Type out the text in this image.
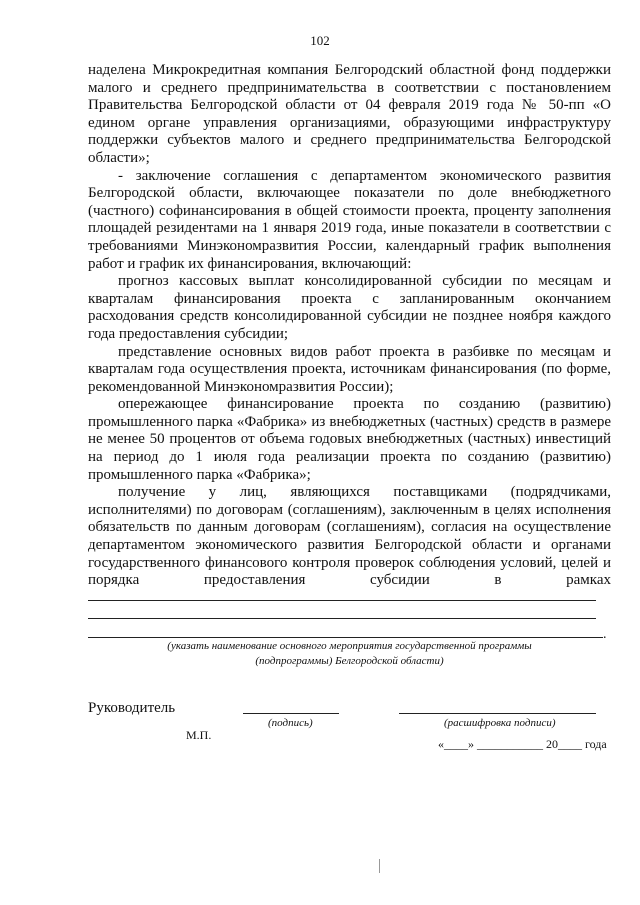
102

наделена Микрокредитная компания Белгородский областной фонд поддержки малого и среднего предпринимательства в соответствии с постановлением Правительства Белгородской области от 04 февраля 2019 года № 50-пп «О едином органе управления организациями, образующими инфраструктуру поддержки субъектов малого и среднего предпринимательства Белгородской области»;

- заключение соглашения с департаментом экономического развития Белгородской области, включающее показатели по доле внебюджетного (частного) софинансирования в общей стоимости проекта, проценту заполнения площадей резидентами на 1 января 2019 года, иные показатели в соответствии с требованиями Минэкономразвития России, календарный график выполнения работ и график их финансирования, включающий:

прогноз кассовых выплат консолидированной субсидии по месяцам и кварталам финансирования проекта с запланированным окончанием расходования средств консолидированной субсидии не позднее ноября каждого года предоставления субсидии;

представление основных видов работ проекта в разбивке по месяцам и кварталам года осуществления проекта, источникам финансирования (по форме, рекомендованной Минэкономразвития России);

опережающее финансирование проекта по созданию (развитию) промышленного парка «Фабрика» из внебюджетных (частных) средств в размере не менее 50 процентов от объема годовых внебюджетных (частных) инвестиций на период до 1 июля года реализации проекта по созданию (развитию) промышленного парка «Фабрика»;

получение у лиц, являющихся поставщиками (подрядчиками, исполнителями) по договорам (соглашениям), заключенным в целях исполнения обязательств по данным договорам (соглашениям), согласия на осуществление департаментом экономического развития Белгородской области и органами государственного финансового контроля проверок соблюдения условий, целей и порядка предоставления субсидии в рамках

.
(указать наименование основного мероприятия государственной программы
(подпрограммы) Белгородской области)
Руководитель
(подпись)	(расшифровка подписи)
М.П.
«____» ___________ 20____ года
